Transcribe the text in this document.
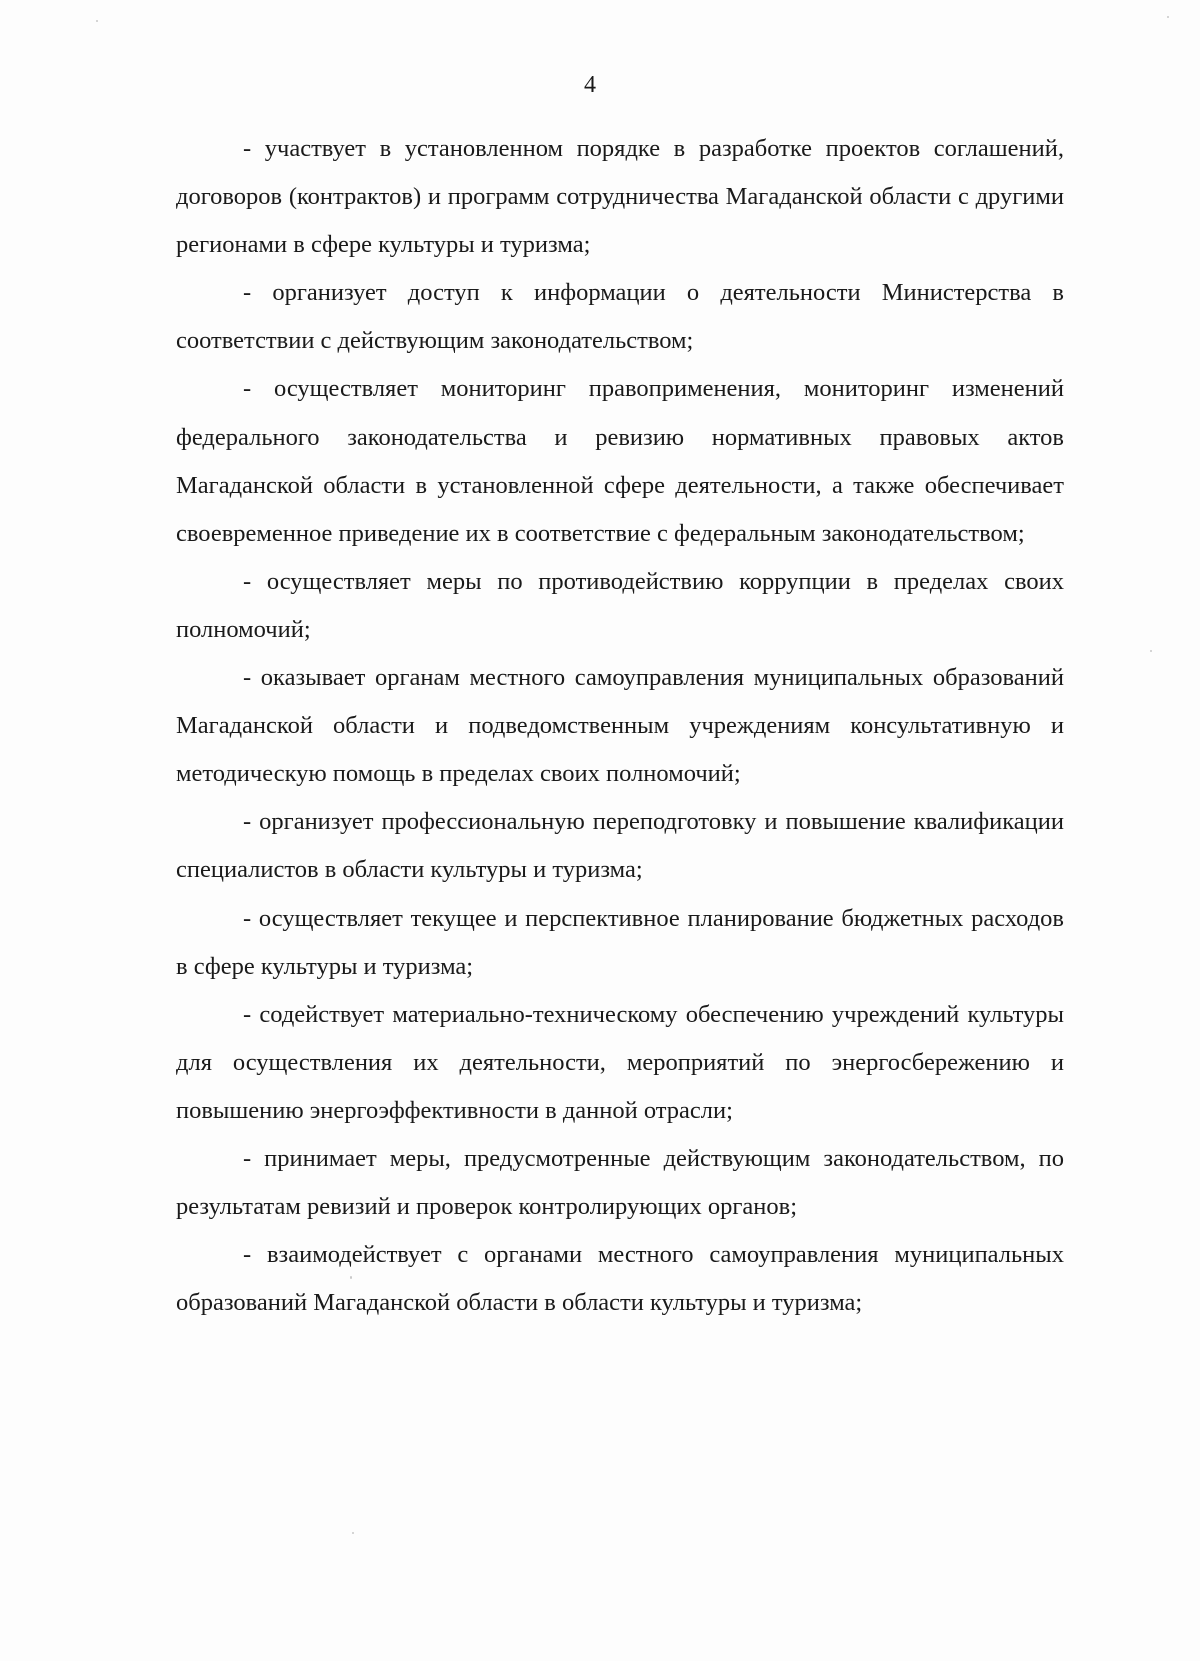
4

- участвует в установленном порядке в разработке проектов соглашений, договоров (контрактов) и программ сотрудничества Магаданской области с другими регионами в сфере культуры и туризма;

- организует доступ к информации о деятельности Министерства в соответствии с действующим законодательством;

- осуществляет мониторинг правоприменения, мониторинг изменений федерального законодательства и ревизию нормативных правовых актов Магаданской области в установленной сфере деятельности, а также обеспечивает своевременное приведение их в соответствие с федеральным законодательством;

- осуществляет меры по противодействию коррупции в пределах своих полномочий;

- оказывает органам местного самоуправления муниципальных образований Магаданской области и подведомственным учреждениям консультативную и методическую помощь в пределах своих полномочий;

- организует профессиональную переподготовку и повышение квалификации специалистов в области культуры и туризма;

- осуществляет текущее и перспективное планирование бюджетных расходов в сфере культуры и туризма;

- содействует материально-техническому обеспечению учреждений культуры для осуществления их деятельности, мероприятий по энергосбережению и повышению энергоэффективности в данной отрасли;

- принимает меры, предусмотренные действующим законодательством, по результатам ревизий и проверок контролирующих органов;

- взаимодействует с органами местного самоуправления муниципальных образований Магаданской области в области культуры и туризма;
